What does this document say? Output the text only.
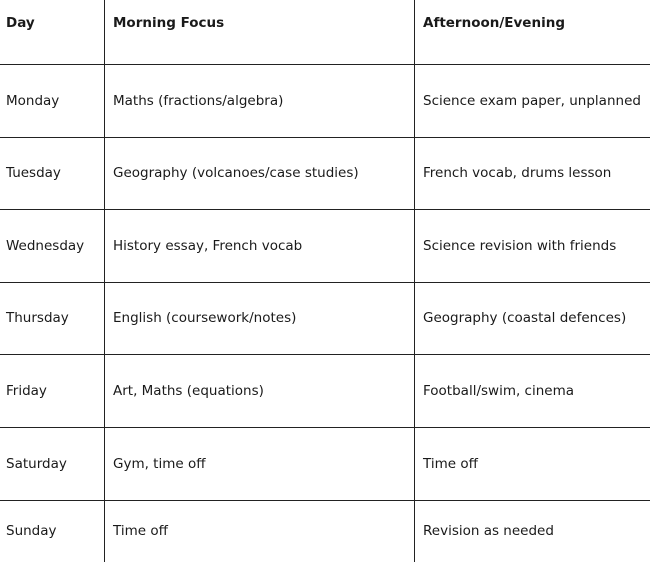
Day	Morning Focus	Afternoon/Evening
Monday	Maths (fractions/algebra)	Science exam paper, unplanned
Tuesday	Geography (volcanoes/case studies)	French vocab, drums lesson
Wednesday	History essay, French vocab	Science revision with friends
Thursday	English (coursework/notes)	Geography (coastal defences)
Friday	Art, Maths (equations)	Football/swim, cinema
Saturday	Gym, time off	Time off
Sunday	Time off	Revision as needed
